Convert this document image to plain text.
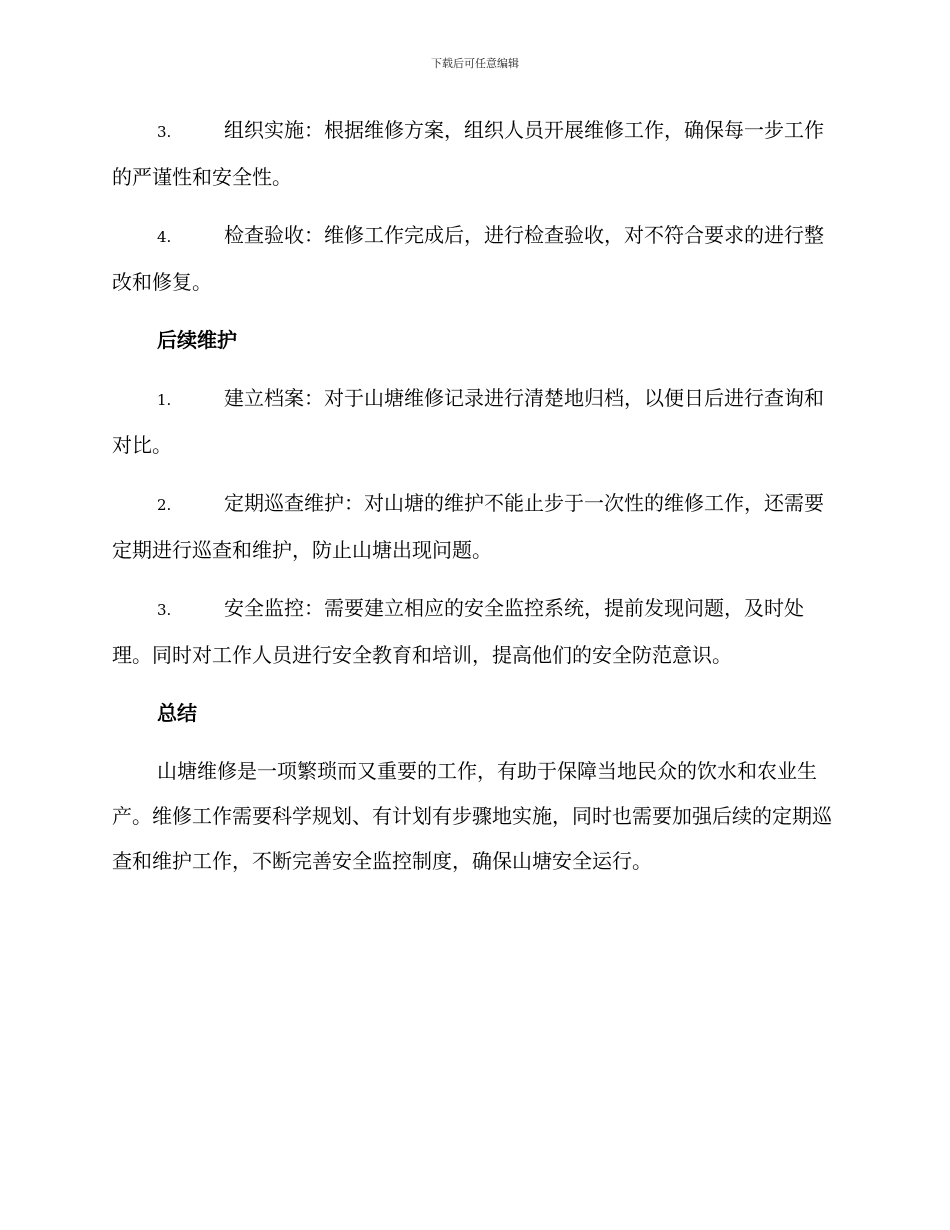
下载后可任意编辑

3.	组织实施：根据维修方案，组织人员开展维修工作，确保每一步工作的严谨性和安全性。

4.	检查验收：维修工作完成后，进行检查验收，对不符合要求的进行整改和修复。

后续维护

1.	建立档案：对于山塘维修记录进行清楚地归档，以便日后进行查询和对比。

2.	定期巡查维护：对山塘的维护不能止步于一次性的维修工作，还需要定期进行巡查和维护，防止山塘出现问题。

3.	安全监控：需要建立相应的安全监控系统，提前发现问题，及时处理。同时对工作人员进行安全教育和培训，提高他们的安全防范意识。

总结

山塘维修是一项繁琐而又重要的工作，有助于保障当地民众的饮水和农业生产。维修工作需要科学规划、有计划有步骤地实施，同时也需要加强后续的定期巡查和维护工作，不断完善安全监控制度，确保山塘安全运行。
